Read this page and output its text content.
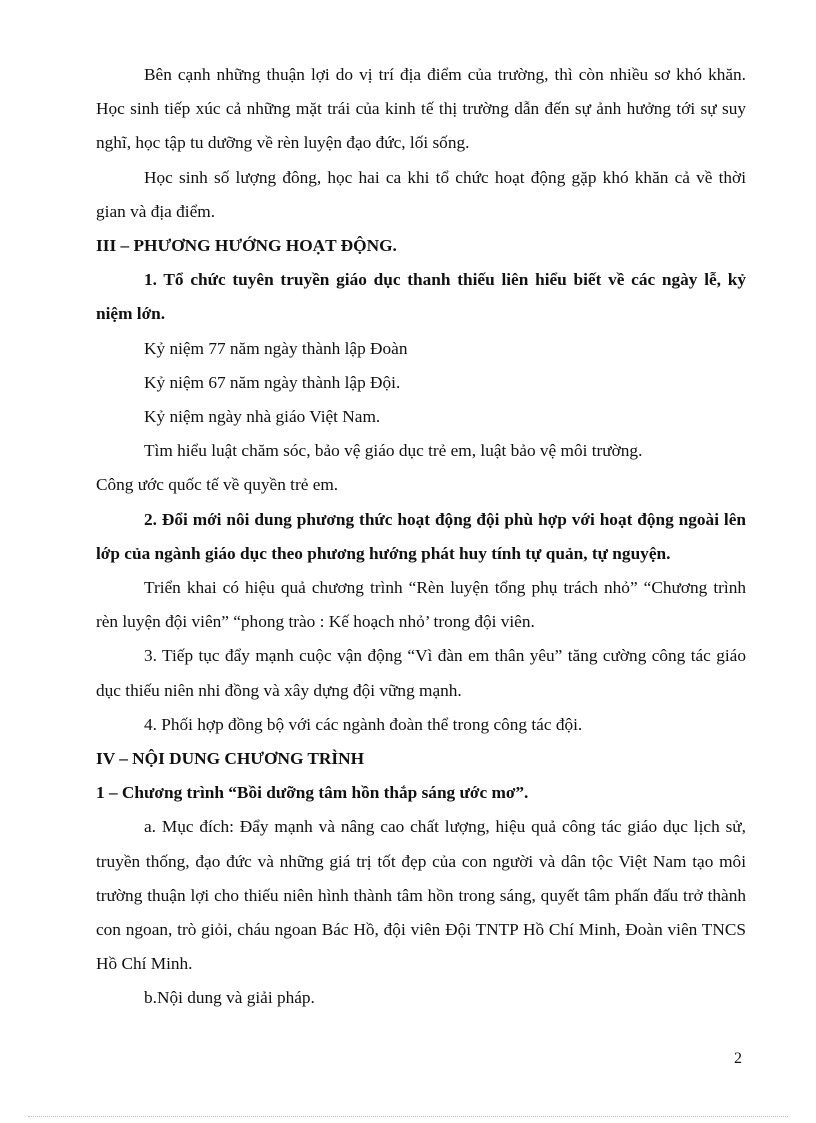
Bên cạnh những thuận lợi do vị trí địa điểm của trường, thì còn nhiều sơ khó khăn. Học sinh tiếp xúc cả những mặt trái của kinh tế thị trường dẫn đến sự ảnh hưởng tới sự suy nghĩ, học tập tu dưỡng về rèn luyện đạo đức, lối sống.

Học sinh số lượng đông, học hai ca khi tổ chức hoạt động gặp khó khăn cả về thời gian và địa điểm.

III – PHƯƠNG HƯỚNG HOẠT ĐỘNG.

1. Tổ chức tuyên truyền giáo dục thanh thiếu liên hiểu biết về các ngày lễ, kỷ niệm lớn.

Kỷ niệm 77 năm ngày thành lập Đoàn

Kỷ niệm 67 năm ngày thành lập Đội.

Kỷ niệm ngày nhà giáo Việt Nam.

Tìm hiểu luật chăm sóc, bảo vệ giáo dục trẻ em, luật bảo vệ môi trường.

Công ước quốc tế về quyền trẻ em.

2. Đổi mới nôi dung phương thức hoạt động đội phù hợp với hoạt động ngoài lên lớp của ngành giáo dục theo phương hướng phát huy tính tự quản, tự nguyện.

Triển khai có hiệu quả chương trình “Rèn luyện tổng phụ trách nhỏ” “Chương trình rèn luyện đội viên” “phong trào : Kế hoạch nhỏ’ trong đội viên.

3. Tiếp tục đẩy mạnh cuộc vận động “Vì đàn em thân yêu” tăng cường công tác giáo dục thiếu niên nhi đồng và xây dựng đội vững mạnh.

4. Phối hợp đồng bộ với các ngành đoàn thể trong công tác đội.

IV – NỘI DUNG CHƯƠNG TRÌNH

1 – Chương trình “Bồi dưỡng tâm hồn thắp sáng ước mơ”.

a. Mục đích: Đẩy mạnh và nâng cao chất lượng, hiệu quả công tác giáo dục lịch sử, truyền thống, đạo đức và những giá trị tốt đẹp của con người và dân tộc Việt Nam tạo môi trường thuận lợi cho thiếu niên hình thành tâm hồn trong sáng, quyết tâm phấn đấu trở thành con ngoan, trò giỏi, cháu ngoan Bác Hồ, đội viên Đội TNTP Hồ Chí Minh, Đoàn viên TNCS Hồ Chí Minh.

b.Nội dung và giải pháp.

2
